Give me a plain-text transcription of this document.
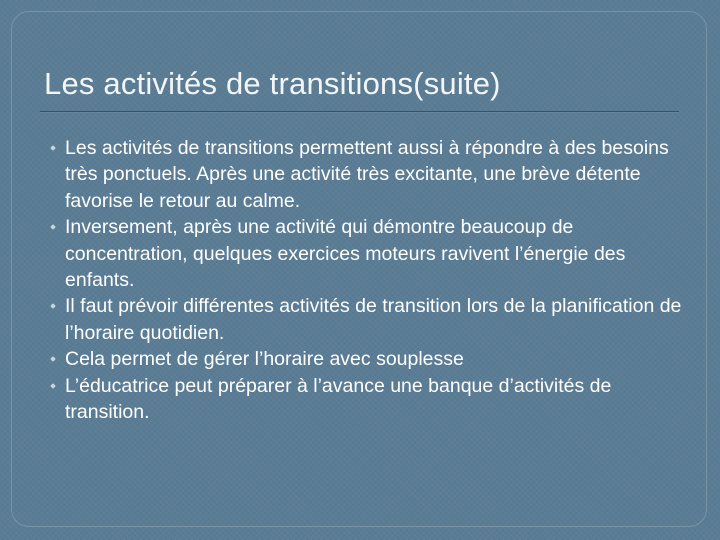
Les activités de transitions(suite)
Les activités de transitions permettent aussi à répondre à des besoins très ponctuels. Après une activité très excitante, une brève détente favorise le retour au calme.
Inversement, après une activité qui démontre beaucoup de concentration, quelques exercices moteurs ravivent l’énergie des enfants.
Il faut prévoir différentes activités de transition lors de la planification de l’horaire quotidien.
Cela permet de gérer l’horaire avec souplesse
L’éducatrice peut préparer à l’avance une banque d’activités de transition.
